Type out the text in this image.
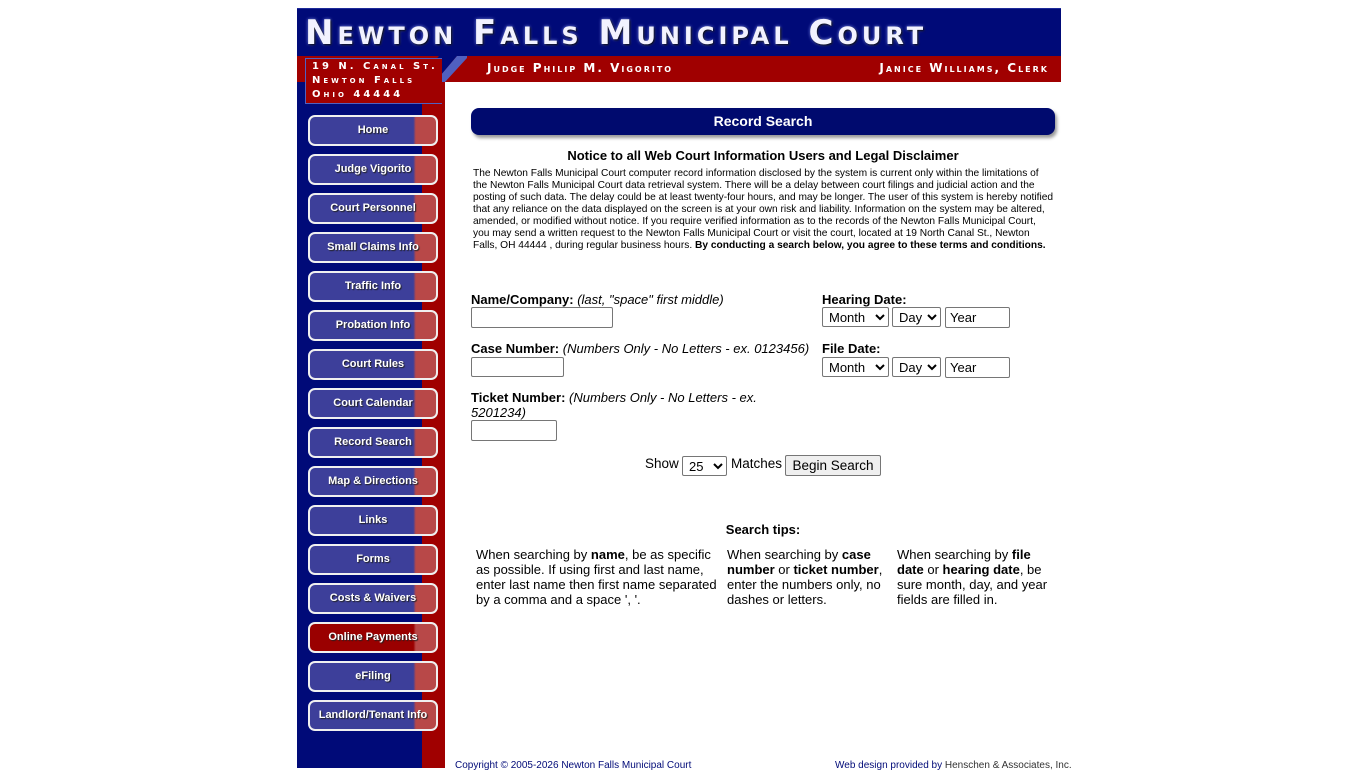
Newton Falls Municipal Court
19 N. Canal St.
Newton Falls
Ohio 44444
Judge Philip M. Vigorito	Janice Williams, Clerk
Home
Judge Vigorito
Court Personnel
Small Claims Info
Traffic Info
Probation Info
Court Rules
Court Calendar
Record Search
Map & Directions
Links
Forms
Costs & Waivers
Online Payments
eFiling
Landlord/Tenant Info
Record Search
Notice to all Web Court Information Users and Legal Disclaimer
The Newton Falls Municipal Court computer record information disclosed by the system is current only within the limitations of the Newton Falls Municipal Court data retrieval system. There will be a delay between court filings and judicial action and the posting of such data. The delay could be at least twenty-four hours, and may be longer. The user of this system is hereby notified that any reliance on the data displayed on the screen is at your own risk and liability. Information on the system may be altered, amended, or modified without notice. If you require verified information as to the records of the Newton Falls Municipal Court, you may send a written request to the Newton Falls Municipal Court or visit the court, located at 19 North Canal St., Newton Falls, OH 44444 , during regular business hours. By conducting a search below, you agree to these terms and conditions.
Name/Company: (last, "space" first middle)
Case Number: (Numbers Only - No Letters - ex. 0123456)
Ticket Number: (Numbers Only - No Letters - ex. 5201234)
Hearing Date:
Month
Day
Year
File Date:
Month
Day
Year
Show
25	Matches Begin Search
Search tips:
When searching by name, be as specific as possible. If using first and last name, enter last name then first name separated by a comma and a space ', '.
When searching by case number or ticket number, enter the numbers only, no dashes or letters.
When searching by file date or hearing date, be sure month, day, and year fields are filled in.
Copyright © 2005-2026 Newton Falls Municipal Court	Web design provided by Henschen & Associates, Inc.
